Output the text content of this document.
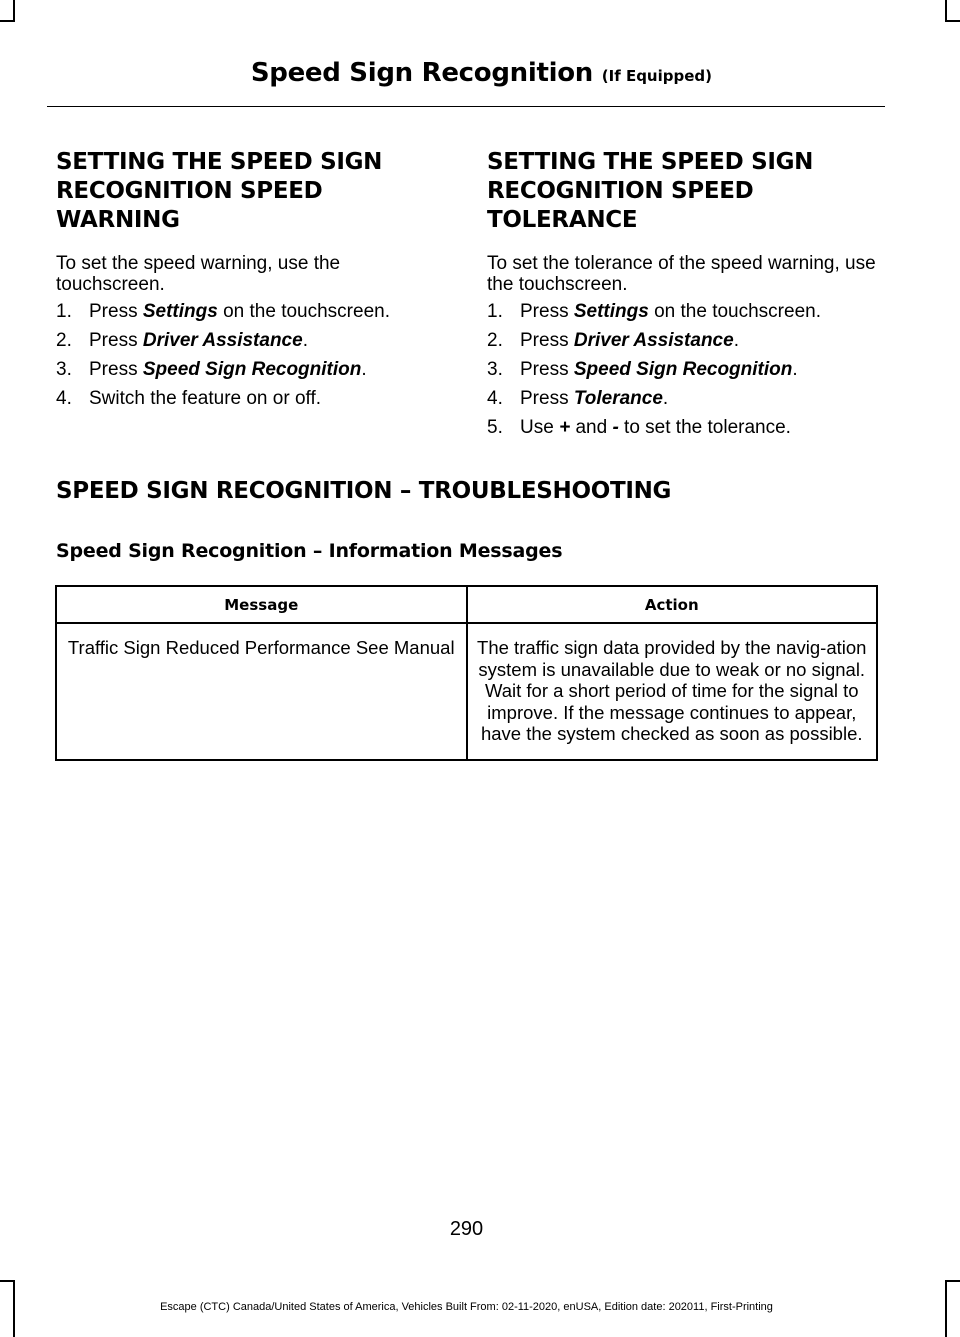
Speed Sign Recognition (If Equipped)
SETTING THE SPEED SIGN
RECOGNITION SPEED
WARNING

To set the speed warning, use the touchscreen.

1. Press Settings on the touchscreen.
2. Press Driver Assistance.
3. Press Speed Sign Recognition.
4. Switch the feature on or off.
SETTING THE SPEED SIGN
RECOGNITION SPEED
TOLERANCE

To set the tolerance of the speed warning, use the touchscreen.

1. Press Settings on the touchscreen.
2. Press Driver Assistance.
3. Press Speed Sign Recognition.
4. Press Tolerance.
5. Use + and - to set the tolerance.
SPEED SIGN RECOGNITION – TROUBLESHOOTING
Speed Sign Recognition – Information Messages
Message	Action
Traffic Sign Reduced Performance See Manual	The traffic sign data provided by the navig-ation system is unavailable due to weak or no signal. Wait for a short period of time for the signal to improve. If the message continues to appear, have the system checked as soon as possible.
290
Escape (CTC) Canada/United States of America, Vehicles Built From: 02-11-2020, enUSA, Edition date: 202011, First-Printing
